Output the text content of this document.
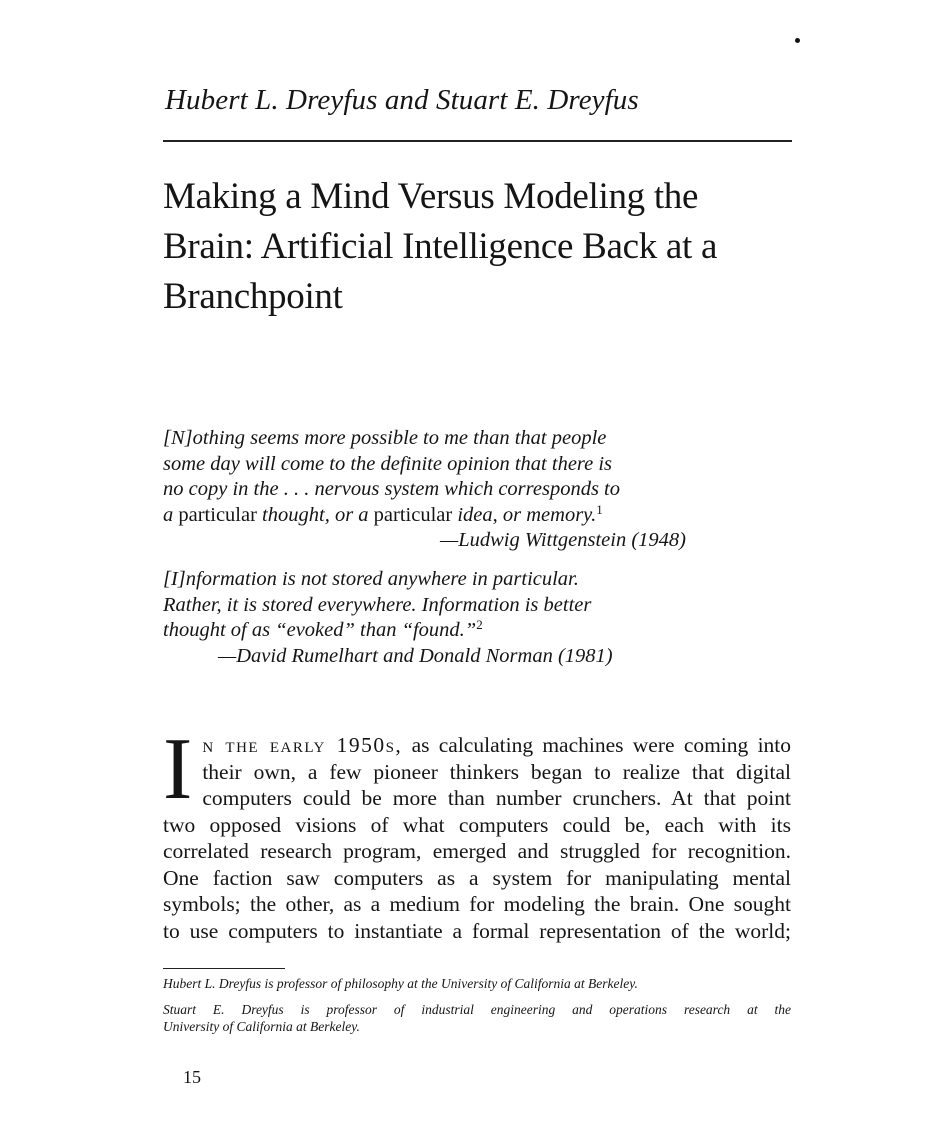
Hubert L. Dreyfus and Stuart E. Dreyfus
Making a Mind Versus Modeling the
Brain: Artificial Intelligence Back at a
Branchpoint
[N]othing seems more possible to me than that people
some day will come to the definite opinion that there is
no copy in the . . . nervous system which corresponds to
a particular thought, or a particular idea, or memory.$^1$
—Ludwig Wittgenstein (1948)
[I]nformation is not stored anywhere in particular.
Rather, it is stored everywhere. Information is better
thought of as “evoked” than “found.”$^2$
—David Rumelhart and Donald Norman (1981)
I n the early 1950s, as calculating machines were coming into
their own, a few pioneer thinkers began to realize that digital
computers could be more than number crunchers. At that point
two opposed visions of what computers could be, each with its
correlated research program, emerged and struggled for recognition.
One faction saw computers as a system for manipulating mental
symbols; the other, as a medium for modeling the brain. One sought
to use computers to instantiate a formal representation of the world;

Hubert L. Dreyfus is professor of philosophy at the University of California at Berkeley.

Stuart E. Dreyfus is professor of industrial engineering and operations research at the
University of California at Berkeley.

15
